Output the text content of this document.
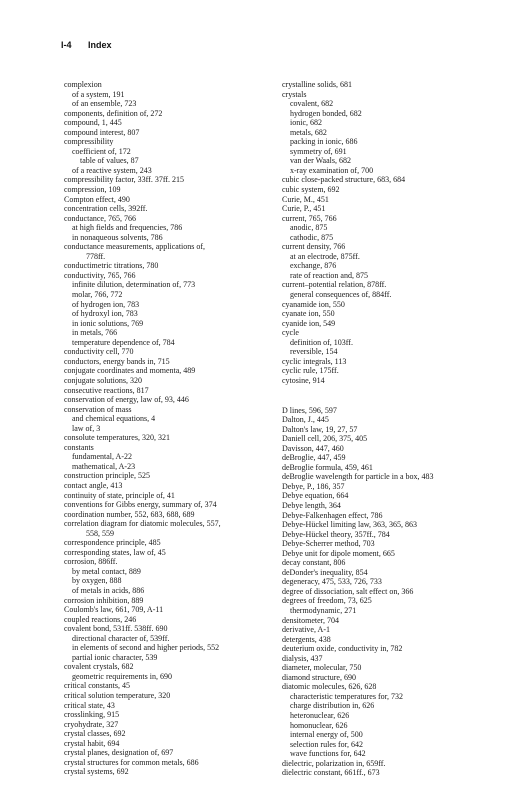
I-4 Index
complexion
of a system, 191
of an ensemble, 723
components, definition of, 272
compound, 1, 445
compound interest, 807
compressibility
coefficient of, 172
table of values, 87
of a reactive system, 243
compressibility factor, 33ff. 37ff. 215
compression, 109
Compton effect, 490
concentration cells, 392ff.
conductance, 765, 766
at high fields and frequencies, 786
in nonaqueous solvents, 786
conductance measurements, applications of,
778ff.
conductimetric titrations, 780
conductivity, 765, 766
infinite dilution, determination of, 773
molar, 766, 772
of hydrogen ion, 783
of hydroxyl ion, 783
in ionic solutions, 769
in metals, 766
temperature dependence of, 784
conductivity cell, 770
conductors, energy bands in, 715
conjugate coordinates and momenta, 489
conjugate solutions, 320
consecutive reactions, 817
conservation of energy, law of, 93, 446
conservation of mass
and chemical equations, 4
law of, 3
consolute temperatures, 320, 321
constants
fundamental, A-22
mathematical, A-23
construction principle, 525
contact angle, 413
continuity of state, principle of, 41
conventions for Gibbs energy, summary of, 374
coordination number, 552, 683, 688, 689
correlation diagram for diatomic molecules, 557,
558, 559
correspondence principle, 485
corresponding states, law of, 45
corrosion, 886ff.
by metal contact, 889
by oxygen, 888
of metals in acids, 886
corrosion inhibition, 889
Coulomb's law, 661, 709, A-11
coupled reactions, 246
covalent bond, 531ff. 538ff. 690
directional character of, 539ff.
in elements of second and higher periods, 552
partial ionic character, 539
covalent crystals, 682
geometric requirements in, 690
critical constants, 45
critical solution temperature, 320
critical state, 43
crosslinking, 915
cryohydrate, 327
crystal classes, 692
crystal habit, 694
crystal planes, designation of, 697
crystal structures for common metals, 686
crystal systems, 692
crystalline solids, 681
crystals
covalent, 682
hydrogen bonded, 682
ionic, 682
metals, 682
packing in ionic, 686
symmetry of, 691
van der Waals, 682
x-ray examination of, 700
cubic close-packed structure, 683, 684
cubic system, 692
Curie, M., 451
Curie, P., 451
current, 765, 766
anodic, 875
cathodic, 875
current density, 766
at an electrode, 875ff.
exchange, 876
rate of reaction and, 875
current–potential relation, 878ff.
general consequences of, 884ff.
cyanamide ion, 550
cyanate ion, 550
cyanide ion, 549
cycle
definition of, 103ff.
reversible, 154
cyclic integrals, 113
cyclic rule, 175ff.
cytosine, 914
D lines, 596, 597
Dalton, J., 445
Dalton's law, 19, 27, 57
Daniell cell, 206, 375, 405
Davisson, 447, 460
deBroglie, 447, 459
deBroglie formula, 459, 461
deBroglie wavelength for particle in a box, 483
Debye, P., 186, 357
Debye equation, 664
Debye length, 364
Debye-Falkenhagen effect, 786
Debye-Hückel limiting law, 363, 365, 863
Debye-Hückel theory, 357ff., 784
Debye-Scherrer method, 703
Debye unit for dipole moment, 665
decay constant, 806
deDonder's inequality, 854
degeneracy, 475, 533, 726, 733
degree of dissociation, salt effect on, 366
degrees of freedom, 73, 625
thermodynamic, 271
densitometer, 704
derivative, A-1
detergents, 438
deuterium oxide, conductivity in, 782
dialysis, 437
diameter, molecular, 750
diamond structure, 690
diatomic molecules, 626, 628
characteristic temperatures for, 732
charge distribution in, 626
heteronuclear, 626
homonuclear, 626
internal energy of, 500
selection rules for, 642
wave functions for, 642
dielectric, polarization in, 659ff.
dielectric constant, 661ff., 673
